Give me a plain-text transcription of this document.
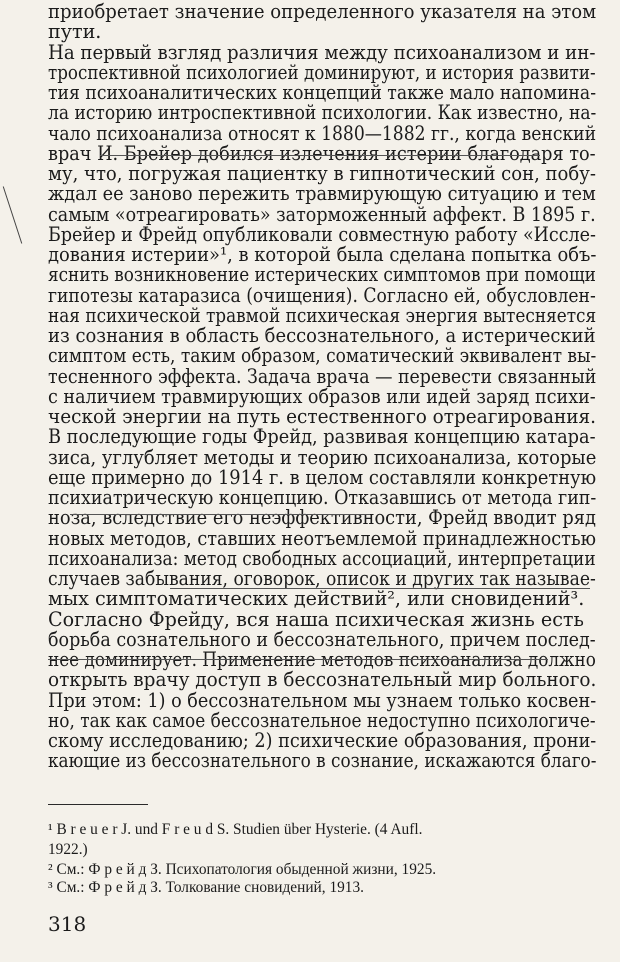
приобретает значение определенного указателя на этом
пути.
На первый взгляд различия между психоанализом и ин-
троспективной психологией доминируют, и история развити-
тия психоаналитических концепций также мало напомина-
ла историю интроспективной психологии. Как известно, на-
чало психоанализа относят к 1880—1882 гг., когда венский
врач И. Брейер добился излечения истерии благодаря то-
му, что, погружая пациентку в гипнотический сон, побу-
ждал ее заново пережить травмирующую ситуацию и тем
самым «отреагировать» заторможенный аффект. В 1895 г.
Брейер и Фрейд опубликовали совместную работу «Иссле-
дования истерии»¹, в которой была сделана попытка объ-
яснить возникновение истерических симптомов при помощи
гипотезы катаразиса (очищения). Согласно ей, обусловлен-
ная психической травмой психическая энергия вытесняется
из сознания в область бессознательного, а истерический
симптом есть, таким образом, соматический эквивалент вы-
тесненного эффекта. Задача врача — перевести связанный
с наличием травмирующих образов или идей заряд психи-
ческой энергии на путь естественного отреагирования.
В последующие годы Фрейд, развивая концепцию катара-
зиса, углубляет методы и теорию психоанализа, которые
еще примерно до 1914 г. в целом составляли конкретную
психиатрическую концепцию. Отказавшись от метода гип-
ноза, вследствие его неэффективности, Фрейд вводит ряд
новых методов, ставших неотъемлемой принадлежностью
психоанализа: метод свободных ассоциаций, интерпретации
случаев забывания, оговорок, описок и других так называе-
мых симптоматических действий², или сновидений³.
Согласно Фрейду, вся наша психическая жизнь есть
борьба сознательного и бессознательного, причем послед-
нее доминирует. Применение методов психоанализа должно
открыть врачу доступ в бессознательный мир больного.
При этом: 1) о бессознательном мы узнаем только косвен-
но, так как самое бессознательное недоступно психологиче-
скому исследованию; 2) психические образования, прони-
кающие из бессознательного в сознание, искажаются благо-
¹ B r e u e r J. und F r e u d S. Studien über Hysterie. (4 Aufl.
1922.)
² См.: Ф р е й д З. Психопатология обыденной жизни, 1925.
³ См.: Ф р е й д З. Толкование сновидений, 1913.
318
